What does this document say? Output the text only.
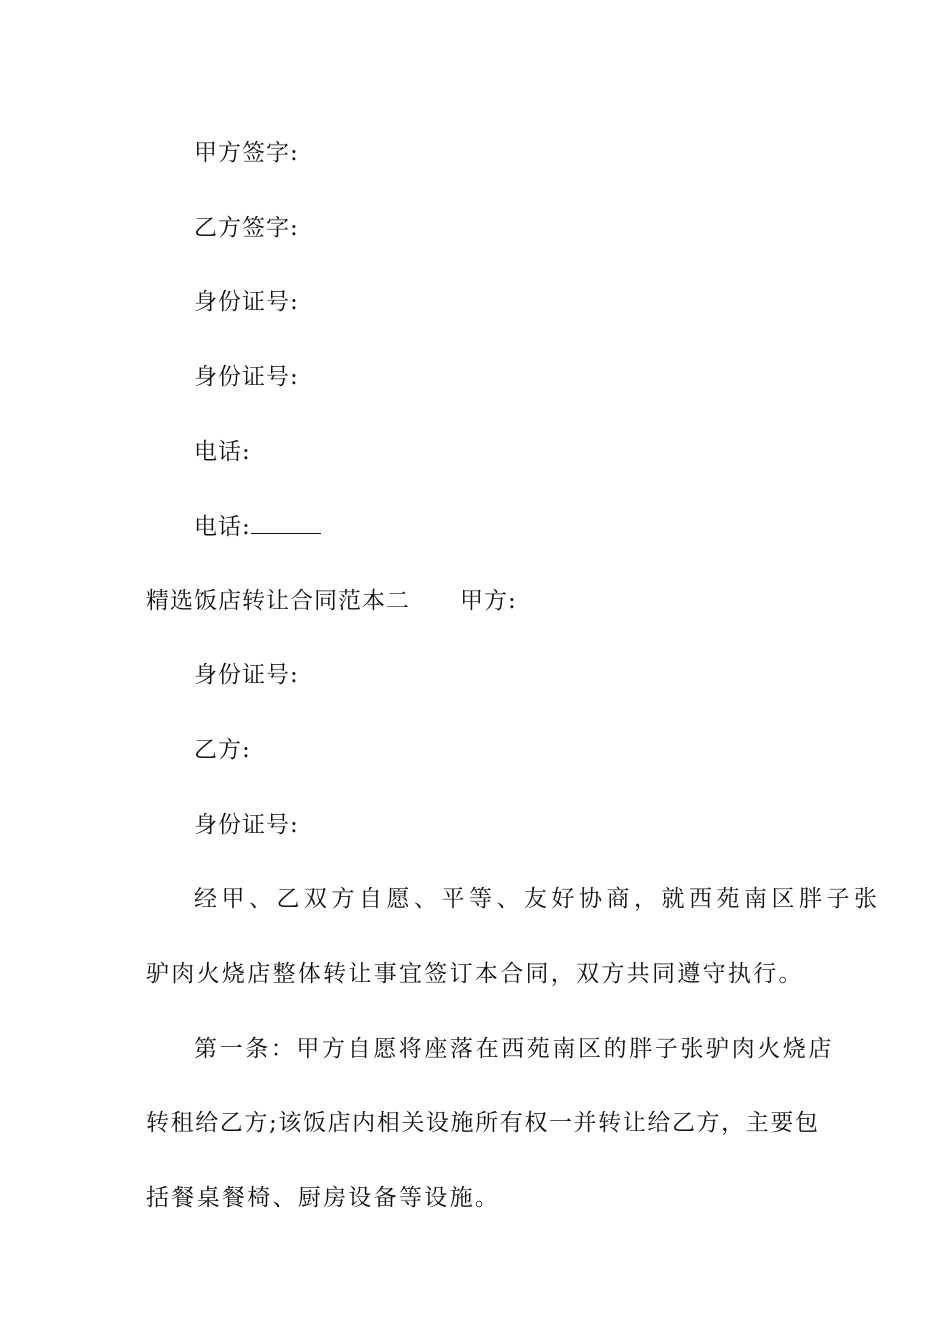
甲方签字:
乙方签字:
身份证号:
身份证号:
电话:
电话:
精选饭店转让合同范本二 甲方:
身份证号:
乙方:
身份证号:
经甲、乙双方自愿、平等、友好协商，就西苑南区胖子张
驴肉火烧店整体转让事宜签订本合同，双方共同遵守执行。
第一条：甲方自愿将座落在西苑南区的胖子张驴肉火烧店
转租给乙方;该饭店内相关设施所有权一并转让给乙方，主要包
括餐桌餐椅、厨房设备等设施。
